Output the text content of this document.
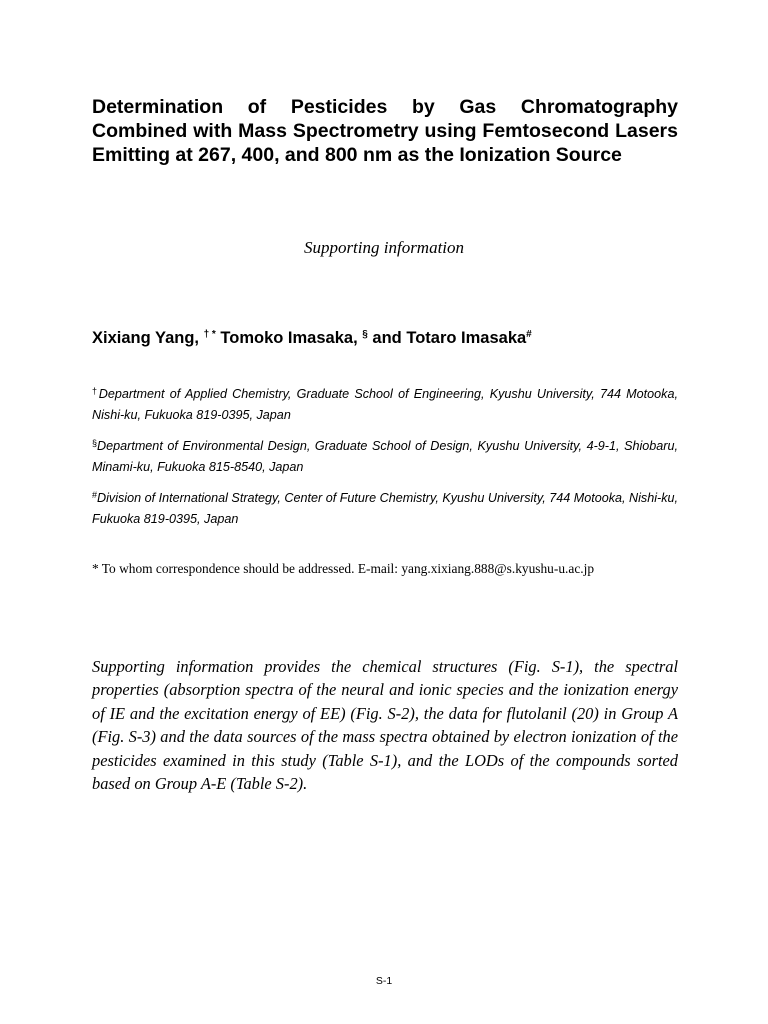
Determination of Pesticides by Gas Chromatography Combined with Mass Spectrometry using Femtosecond Lasers Emitting at 267, 400, and 800 nm as the Ionization Source

Supporting information

Xixiang Yang, † * Tomoko Imasaka, § and Totaro Imasaka#

†Department of Applied Chemistry, Graduate School of Engineering, Kyushu University, 744 Motooka, Nishi-ku, Fukuoka 819-0395, Japan

§Department of Environmental Design, Graduate School of Design, Kyushu University, 4-9-1, Shiobaru, Minami-ku, Fukuoka 815-8540, Japan

#Division of International Strategy, Center of Future Chemistry, Kyushu University, 744 Motooka, Nishi-ku, Fukuoka 819-0395, Japan

* To whom correspondence should be addressed. E-mail: yang.xixiang.888@s.kyushu-u.ac.jp

Supporting information provides the chemical structures (Fig. S-1), the spectral properties (absorption spectra of the neural and ionic species and the ionization energy of IE and the excitation energy of EE) (Fig. S-2), the data for flutolanil (20) in Group A (Fig. S-3) and the data sources of the mass spectra obtained by electron ionization of the pesticides examined in this study (Table S-1), and the LODs of the compounds sorted based on Group A-E (Table S-2).

S-1
